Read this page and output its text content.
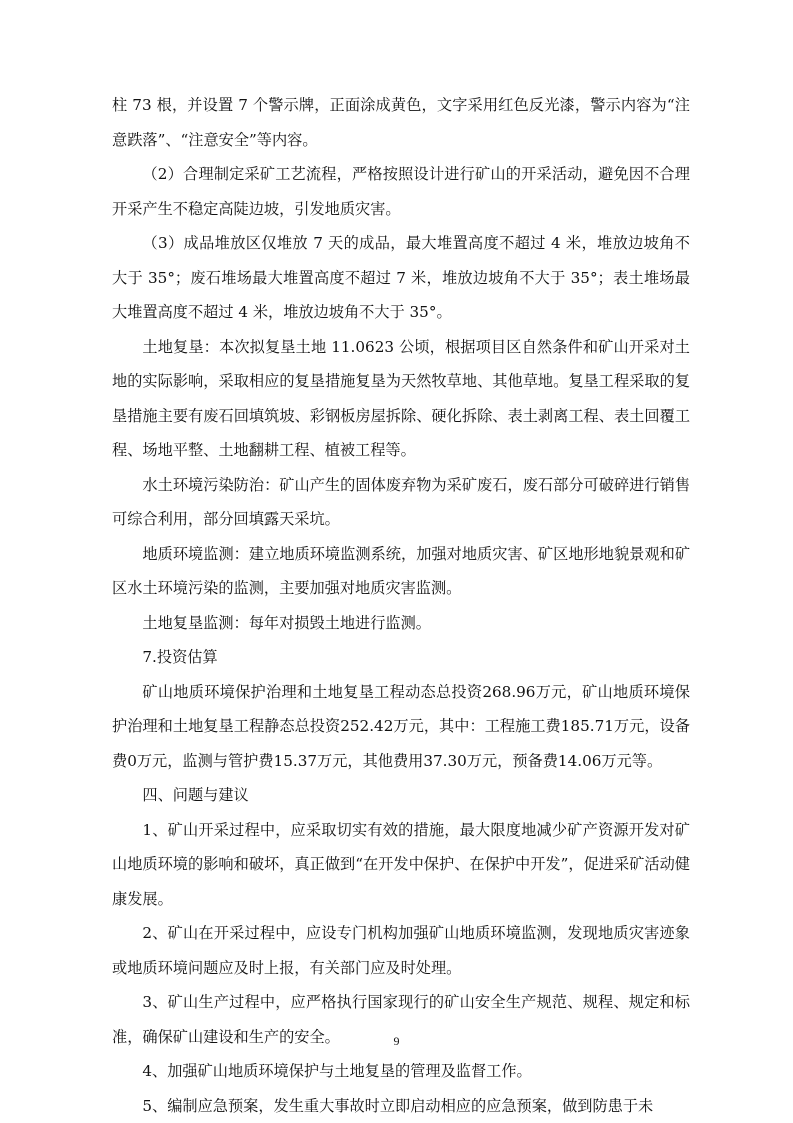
柱 73 根，并设置 7 个警示牌，正面涂成黄色，文字采用红色反光漆，警示内容为“注意跌落”、“注意安全”等内容。

（2）合理制定采矿工艺流程，严格按照设计进行矿山的开采活动，避免因不合理开采产生不稳定高陡边坡，引发地质灾害。

（3）成品堆放区仅堆放 7 天的成品，最大堆置高度不超过 4 米，堆放边坡角不大于 35°；废石堆场最大堆置高度不超过 7 米，堆放边坡角不大于 35°；表土堆场最大堆置高度不超过 4 米，堆放边坡角不大于 35°。

土地复垦：本次拟复垦土地 11.0623 公顷，根据项目区自然条件和矿山开采对土地的实际影响，采取相应的复垦措施复垦为天然牧草地、其他草地。复垦工程采取的复垦措施主要有废石回填筑坡、彩钢板房屋拆除、硬化拆除、表土剥离工程、表土回覆工程、场地平整、土地翻耕工程、植被工程等。

水土环境污染防治：矿山产生的固体废弃物为采矿废石，废石部分可破碎进行销售可综合利用，部分回填露天采坑。

地质环境监测：建立地质环境监测系统，加强对地质灾害、矿区地形地貌景观和矿区水土环境污染的监测，主要加强对地质灾害监测。

土地复垦监测：每年对损毁土地进行监测。

7.投资估算

矿山地质环境保护治理和土地复垦工程动态总投资268.96万元，矿山地质环境保护治理和土地复垦工程静态总投资252.42万元，其中：工程施工费185.71万元，设备费0万元，监测与管护费15.37万元，其他费用37.30万元，预备费14.06万元等。

四、问题与建议

1、矿山开采过程中，应采取切实有效的措施，最大限度地减少矿产资源开发对矿山地质环境的影响和破坏，真正做到“在开发中保护、在保护中开发”，促进采矿活动健康发展。

2、矿山在开采过程中，应设专门机构加强矿山地质环境监测，发现地质灾害迹象或地质环境问题应及时上报，有关部门应及时处理。

3、矿山生产过程中，应严格执行国家现行的矿山安全生产规范、规程、规定和标准，确保矿山建设和生产的安全。

4、加强矿山地质环境保护与土地复垦的管理及监督工作。

5、编制应急预案，发生重大事故时立即启动相应的应急预案，做到防患于未

9
